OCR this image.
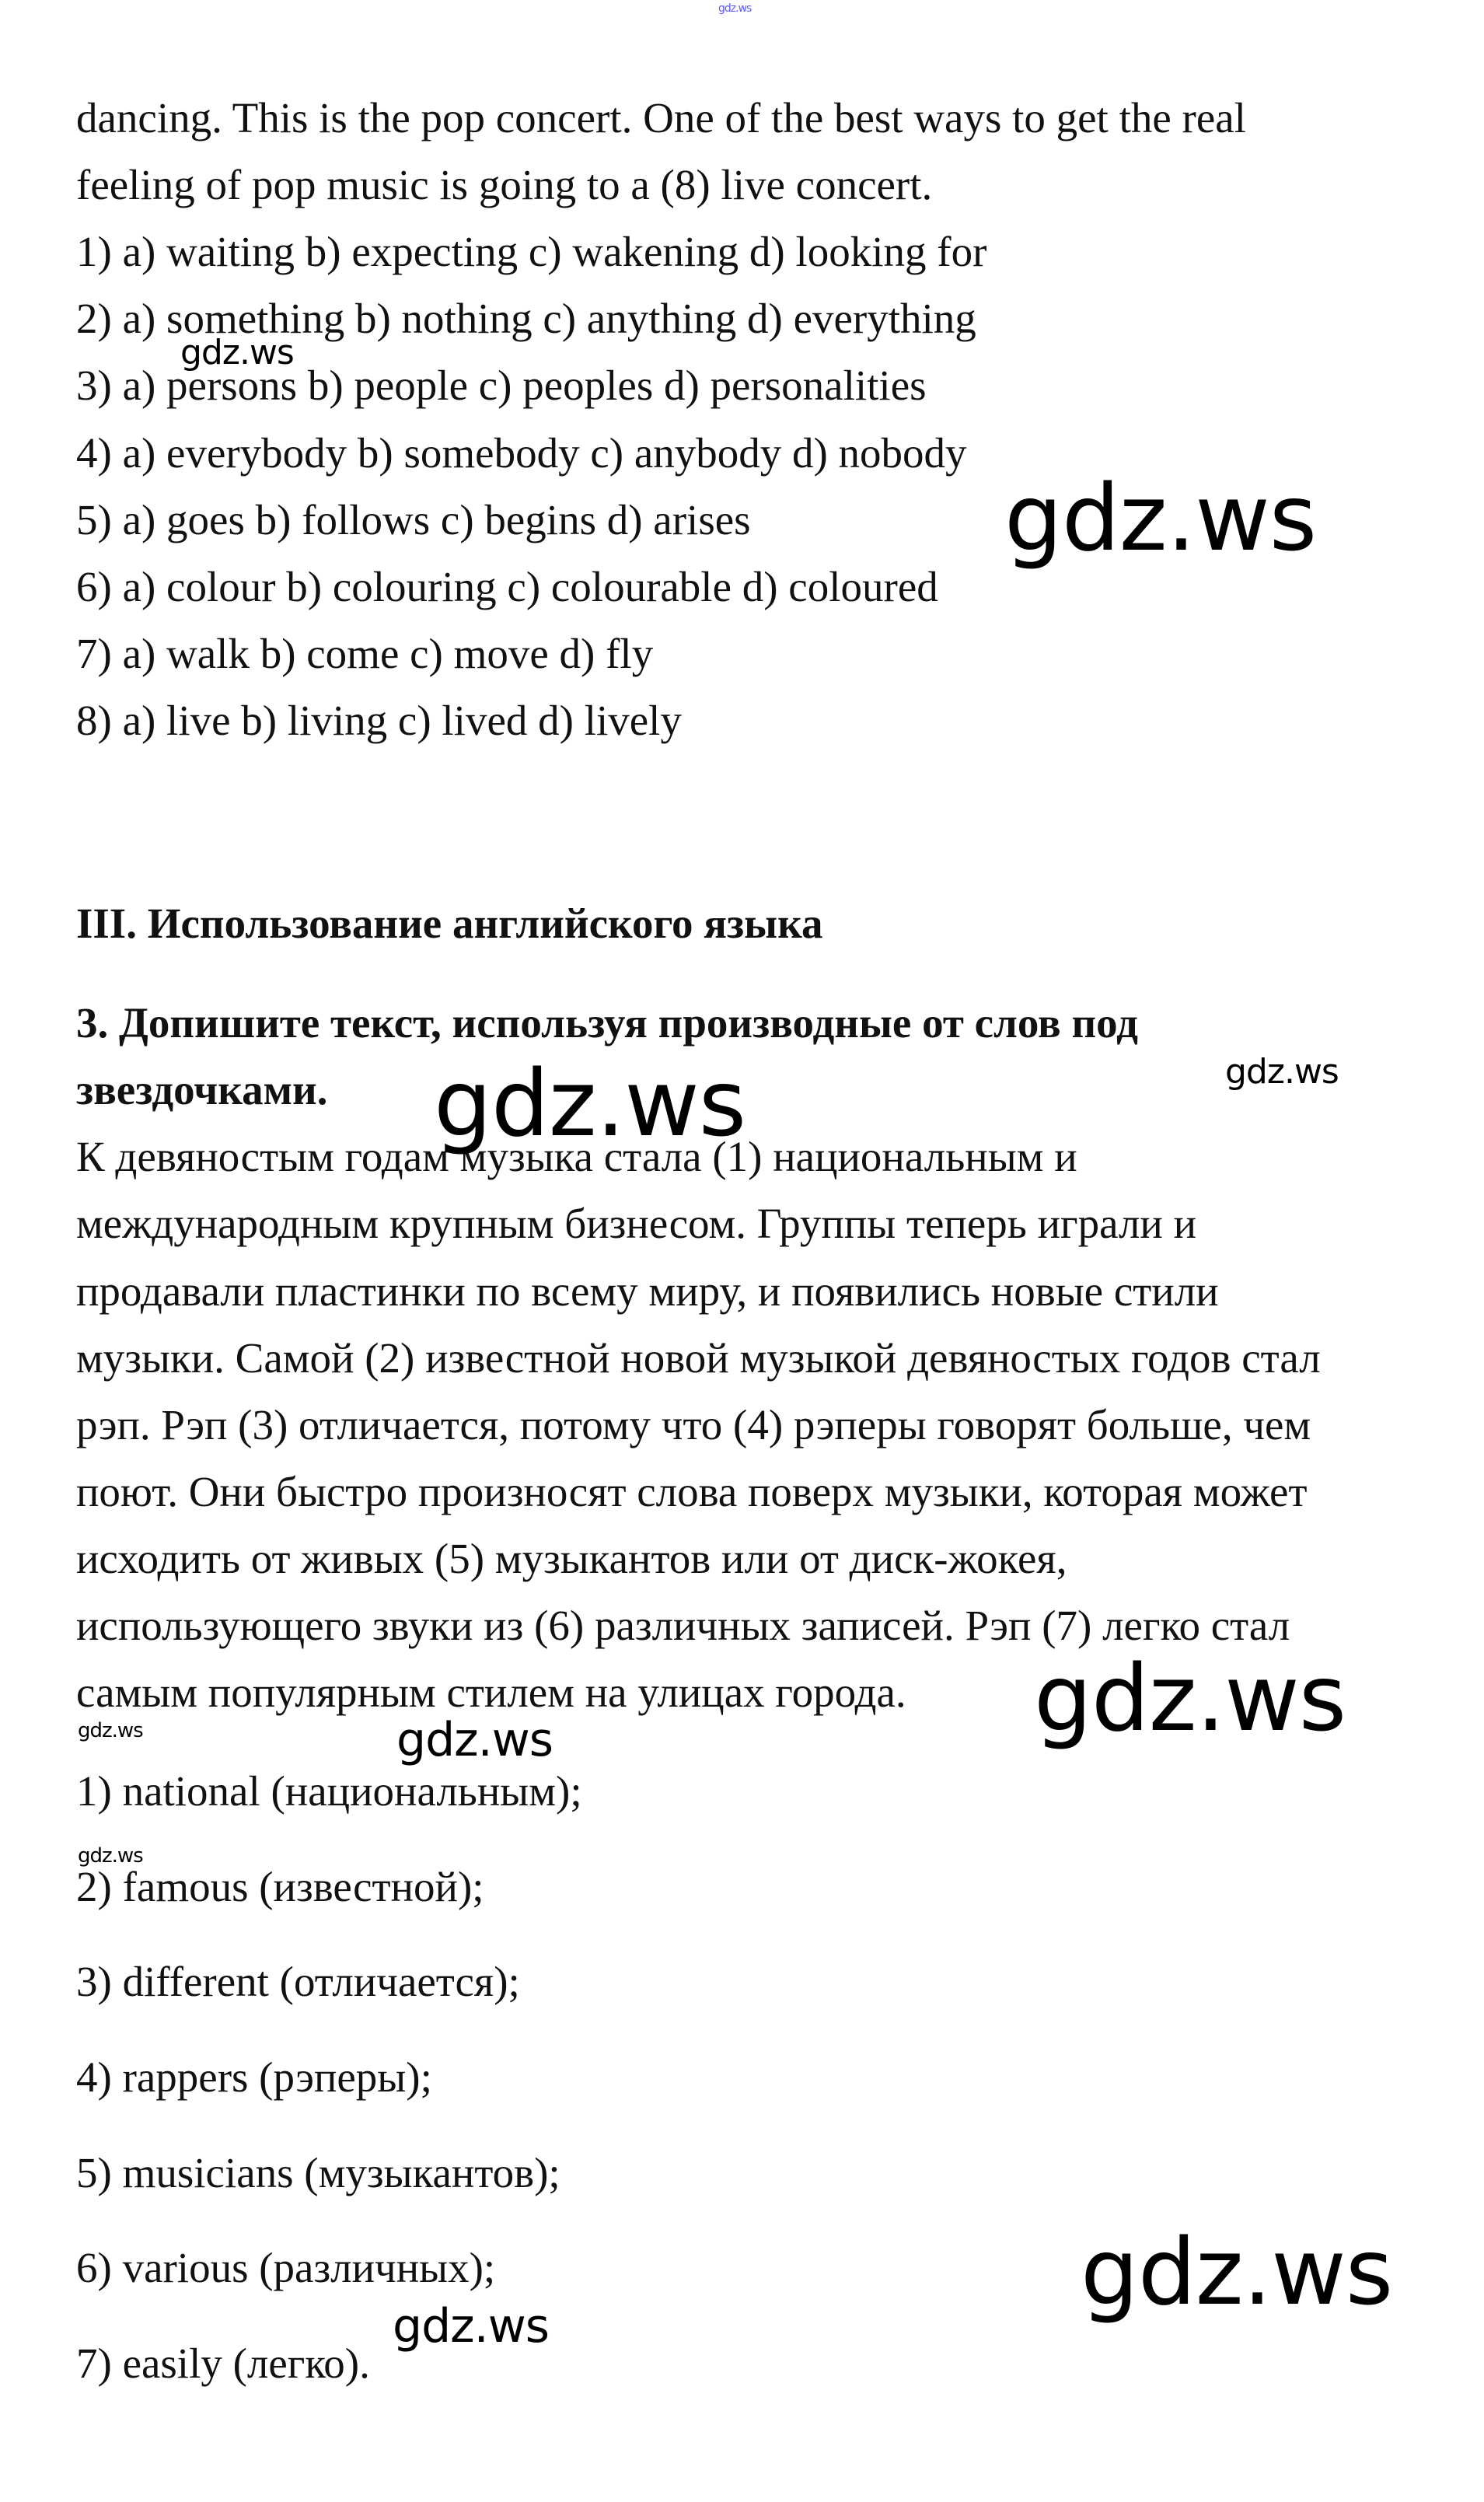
gdz.ws

dancing. This is the pop concert. One of the best ways to get the real

feeling of pop music is going to a (8) live concert.

1) a) waiting b) expecting c) wakening d) looking for

2) a) something b) nothing c) anything d) everything

3) a) persons b) people c) peoples d) personalities

4) a) everybody b) somebody c) anybody d) nobody

5) a) goes b) follows c) begins d) arises

6) a) colour b) colouring c) colourable d) coloured

7) a) walk b) come c) move d) fly

8) a) live b) living c) lived d) lively

III. Использование английского языка

3. Допишите текст, используя производные от слов под

звездочками.

К девяностым годам музыка стала (1) национальным и

международным крупным бизнесом. Группы теперь играли и

продавали пластинки по всему миру, и появились новые стили

музыки. Самой (2) известной новой музыкой девяностых годов стал

рэп. Рэп (3) отличается, потому что (4) рэперы говорят больше, чем

поют. Они быстро произносят слова поверх музыки, которая может

исходить от живых (5) музыкантов или от диск-жокея,

использующего звуки из (6) различных записей. Рэп (7) легко стал

самым популярным стилем на улицах города.

1) national (национальным);

2) famous (известной);

3) different (отличается);

4) rappers (рэперы);

5) musicians (музыкантов);

6) various (различных);

7) easily (легко).

gdz.ws
gdz.ws
gdz.ws	gdz.ws
gdz.ws
gdz.ws	gdz.ws
gdz.ws
gdz.ws
gdz.ws
